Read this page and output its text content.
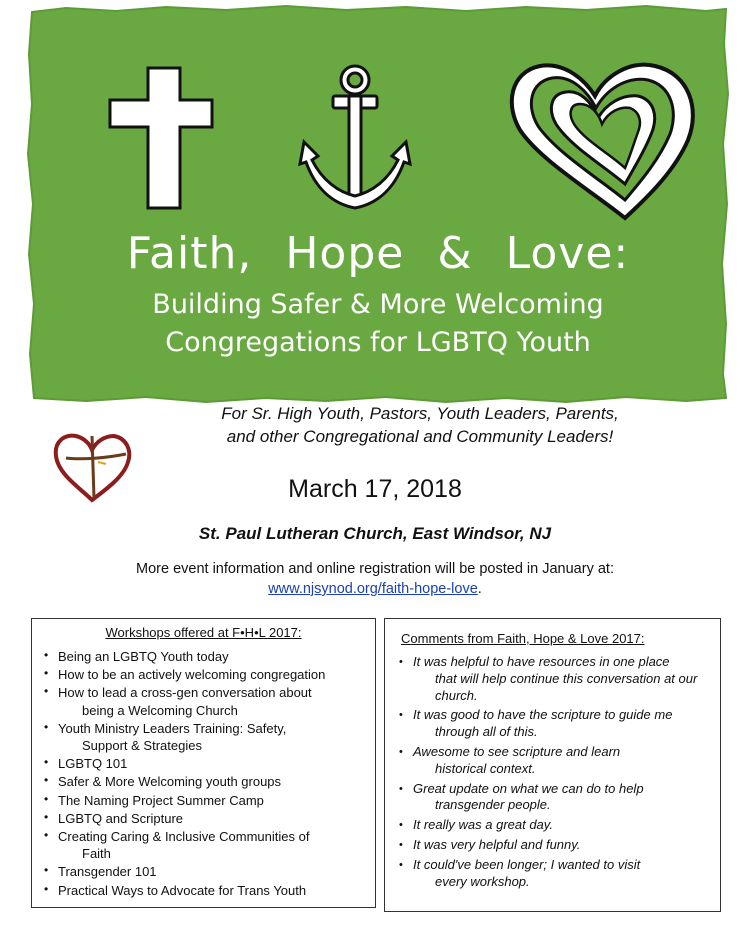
Faith, Hope & Love:
Building Safer & More Welcoming
Congregations for LGBTQ Youth
For Sr. High Youth, Pastors, Youth Leaders, Parents,
and other Congregational and Community Leaders!
March 17, 2018
St. Paul Lutheran Church, East Windsor, NJ
More event information and online registration will be posted in January at:
www.njsynod.org/faith-hope-love.
Workshops offered at F•H•L 2017:
• Being an LGBTQ Youth today
• How to be an actively welcoming congregation
• How to lead a cross-gen conversation about
being a Welcoming Church
• Youth Ministry Leaders Training: Safety,
Support & Strategies
• LGBTQ 101
• Safer & More Welcoming youth groups
• The Naming Project Summer Camp
• LGBTQ and Scripture
• Creating Caring & Inclusive Communities of
Faith
• Transgender 101
• Practical Ways to Advocate for Trans Youth
Comments from Faith, Hope & Love 2017:
• It was helpful to have resources in one place
that will help continue this conversation at our church.
• It was good to have the scripture to guide me
through all of this.
• Awesome to see scripture and learn
historical context.
• Great update on what we can do to help
transgender people.
• It really was a great day.
• It was very helpful and funny.
• It could've been longer; I wanted to visit
every workshop.
